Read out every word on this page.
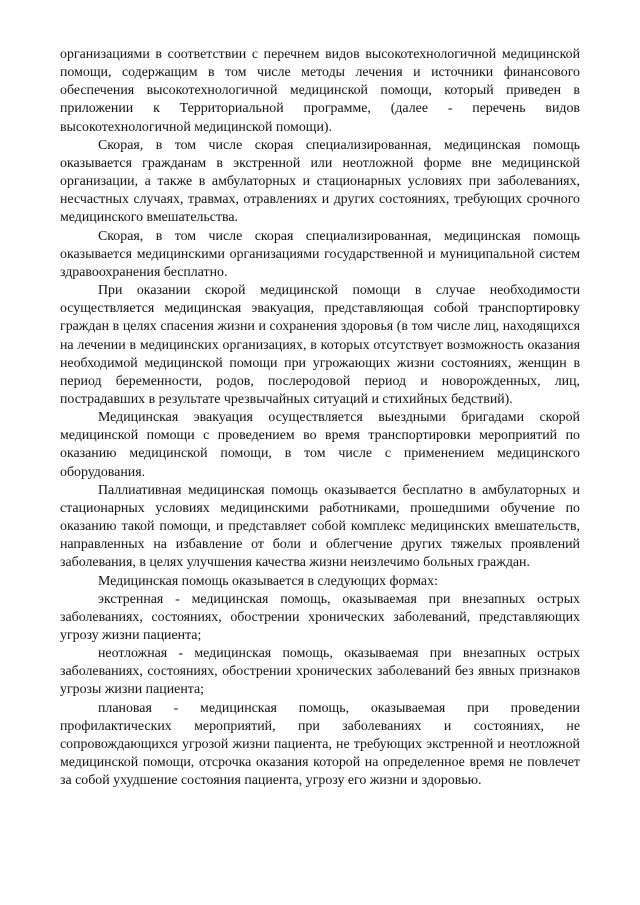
организациями в соответствии с перечнем видов высокотехнологичной медицинской помощи, содержащим в том числе методы лечения и источники финансового обеспечения высокотехнологичной медицинской помощи, который приведен в приложении к Территориальной программе, (далее - перечень видов высокотехнологичной медицинской помощи).

Скорая, в том числе скорая специализированная, медицинская помощь оказывается гражданам в экстренной или неотложной форме вне медицинской организации, а также в амбулаторных и стационарных условиях при заболеваниях, несчастных случаях, травмах, отравлениях и других состояниях, требующих срочного медицинского вмешательства.

Скорая, в том числе скорая специализированная, медицинская помощь оказывается медицинскими организациями государственной и муниципальной систем здравоохранения бесплатно.

При оказании скорой медицинской помощи в случае необходимости осуществляется медицинская эвакуация, представляющая собой транспортировку граждан в целях спасения жизни и сохранения здоровья (в том числе лиц, находящихся на лечении в медицинских организациях, в которых отсутствует возможность оказания необходимой медицинской помощи при угрожающих жизни состояниях, женщин в период беременности, родов, послеродовой период и новорожденных, лиц, пострадавших в результате чрезвычайных ситуаций и стихийных бедствий).

Медицинская эвакуация осуществляется выездными бригадами скорой медицинской помощи с проведением во время транспортировки мероприятий по оказанию медицинской помощи, в том числе с применением медицинского оборудования.

Паллиативная медицинская помощь оказывается бесплатно в амбулаторных и стационарных условиях медицинскими работниками, прошедшими обучение по оказанию такой помощи, и представляет собой комплекс медицинских вмешательств, направленных на избавление от боли и облегчение других тяжелых проявлений заболевания, в целях улучшения качества жизни неизлечимо больных граждан.

Медицинская помощь оказывается в следующих формах:

экстренная - медицинская помощь, оказываемая при внезапных острых заболеваниях, состояниях, обострении хронических заболеваний, представляющих угрозу жизни пациента;

неотложная - медицинская помощь, оказываемая при внезапных острых заболеваниях, состояниях, обострении хронических заболеваний без явных признаков угрозы жизни пациента;

плановая - медицинская помощь, оказываемая при проведении профилактических мероприятий, при заболеваниях и состояниях, не сопровождающихся угрозой жизни пациента, не требующих экстренной и неотложной медицинской помощи, отсрочка оказания которой на определенное время не повлечет за собой ухудшение состояния пациента, угрозу его жизни и здоровью.
